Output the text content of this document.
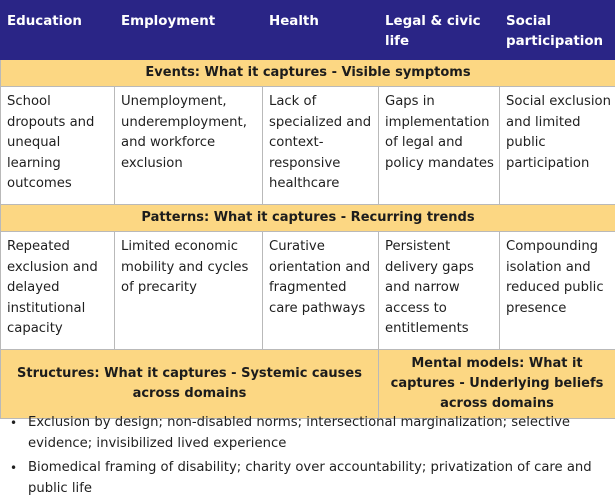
Education	Employment	Health	Legal & civic life	Social participation
Events: What it captures - Visible symptoms				
School dropouts and unequal learning outcomes	Unemployment, underemployment, and workforce exclusion	Lack of specialized and context-responsive healthcare	Gaps in implementation of legal and policy mandates	Social exclusion and limited public participation
Patterns: What it captures - Recurring trends				
Repeated exclusion and delayed institutional capacity	Limited economic mobility and cycles of precarity	Curative orientation and fragmented care pathways	Persistent delivery gaps and narrow access to entitlements	Compounding isolation and reduced public presence
Structures: What it captures - Systemic causes across domains			Mental models: What it captures - Underlying beliefs across domains	
• Exclusion by design; non-disabled norms; intersectional marginalization; selective evidence; invisibilized lived experience
• Biomedical framing of disability; charity over accountability; privatization of care and public life
